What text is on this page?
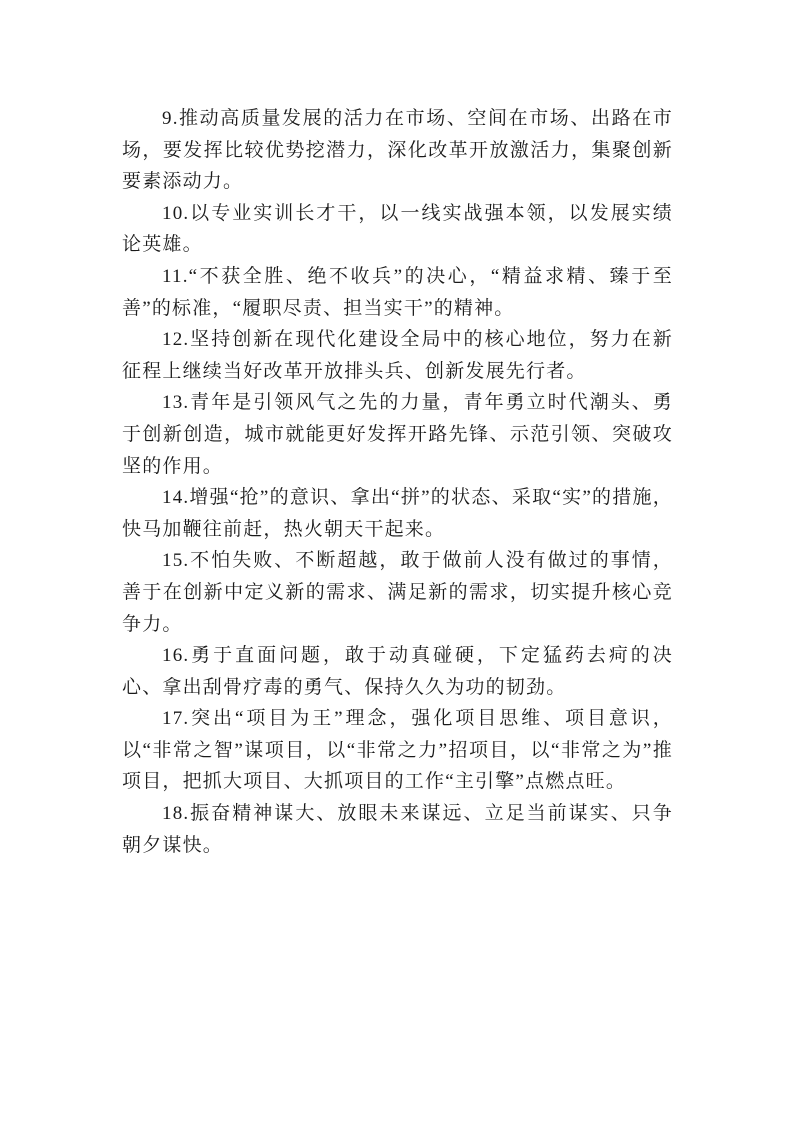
9.推动高质量发展的活力在市场、空间在市场、出路在市场，要发挥比较优势挖潜力，深化改革开放激活力，集聚创新要素添动力。

10.以专业实训长才干，以一线实战强本领，以发展实绩论英雄。

11.“不获全胜、绝不收兵”的决心，“精益求精、臻于至善”的标准，“履职尽责、担当实干”的精神。

12.坚持创新在现代化建设全局中的核心地位，努力在新征程上继续当好改革开放排头兵、创新发展先行者。

13.青年是引领风气之先的力量，青年勇立时代潮头、勇于创新创造，城市就能更好发挥开路先锋、示范引领、突破攻坚的作用。

14.增强“抢”的意识、拿出“拼”的状态、采取“实”的措施，快马加鞭往前赶，热火朝天干起来。

15.不怕失败、不断超越，敢于做前人没有做过的事情，善于在创新中定义新的需求、满足新的需求，切实提升核心竞争力。

16.勇于直面问题，敢于动真碰硬，下定猛药去疴的决心、拿出刮骨疗毒的勇气、保持久久为功的韧劲。

17.突出“项目为王”理念，强化项目思维、项目意识，以“非常之智”谋项目，以“非常之力”招项目，以“非常之为”推项目，把抓大项目、大抓项目的工作“主引擎”点燃点旺。

18.振奋精神谋大、放眼未来谋远、立足当前谋实、只争朝夕谋快。
